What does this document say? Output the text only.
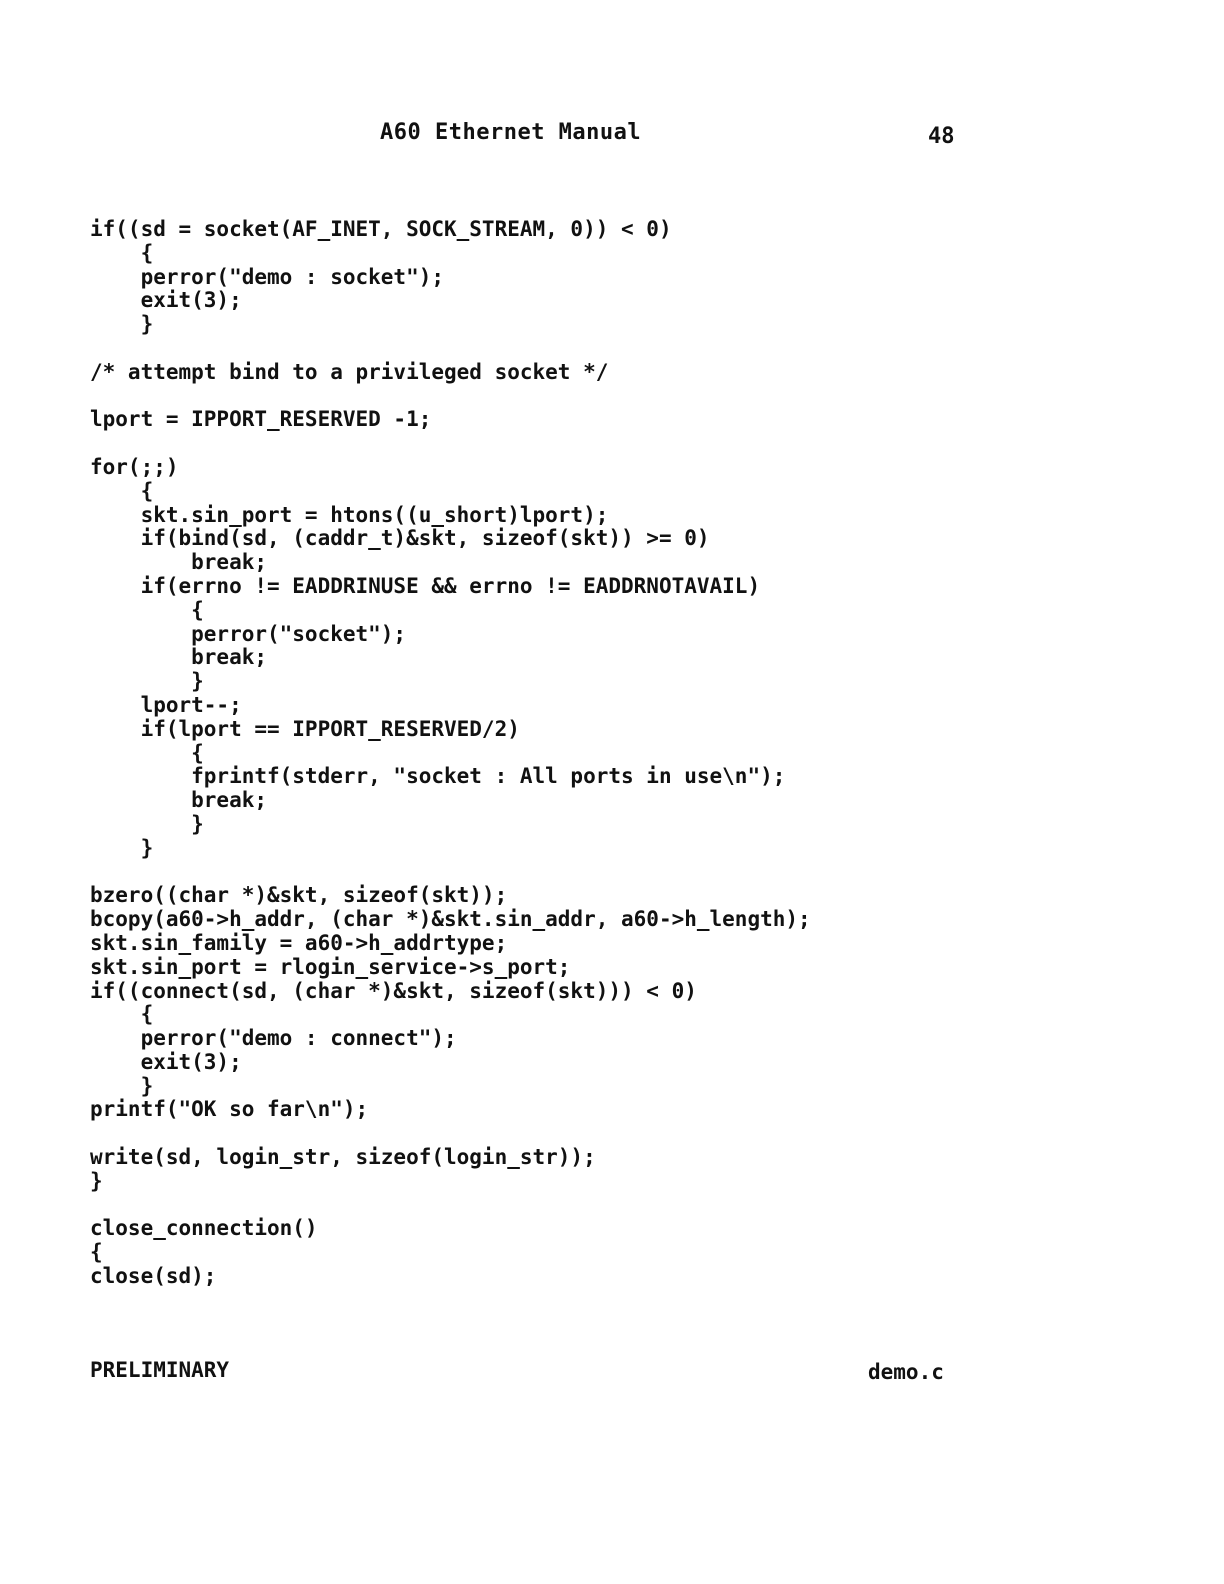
A60 Ethernet Manual	48
if((sd = socket(AF_INET, SOCK_STREAM, 0)) < 0)
{
perror("demo : socket");
exit(3);
}
/* attempt bind to a privileged socket */
lport = IPPORT_RESERVED -1;
for(;;)
{
skt.sin_port = htons((u_short)lport);
if(bind(sd, (caddr_t)&skt, sizeof(skt)) >= 0)
break;
if(errno != EADDRINUSE && errno != EADDRNOTAVAIL)
{
perror("socket");
break;
}
lport--;
if(lport == IPPORT_RESERVED/2)
{
fprintf(stderr, "socket : All ports in use\n");
break;
}
}
bzero((char *)&skt, sizeof(skt));
bcopy(a60->h_addr, (char *)&skt.sin_addr, a60->h_length);
skt.sin_family = a60->h_addrtype;
skt.sin_port = rlogin_service->s_port;
if((connect(sd, (char *)&skt, sizeof(skt))) < 0)
{
perror("demo : connect");
exit(3);
}
printf("OK so far\n");
write(sd, login_str, sizeof(login_str));
}
close_connection()
{
close(sd);
PRELIMINARY	demo.c
